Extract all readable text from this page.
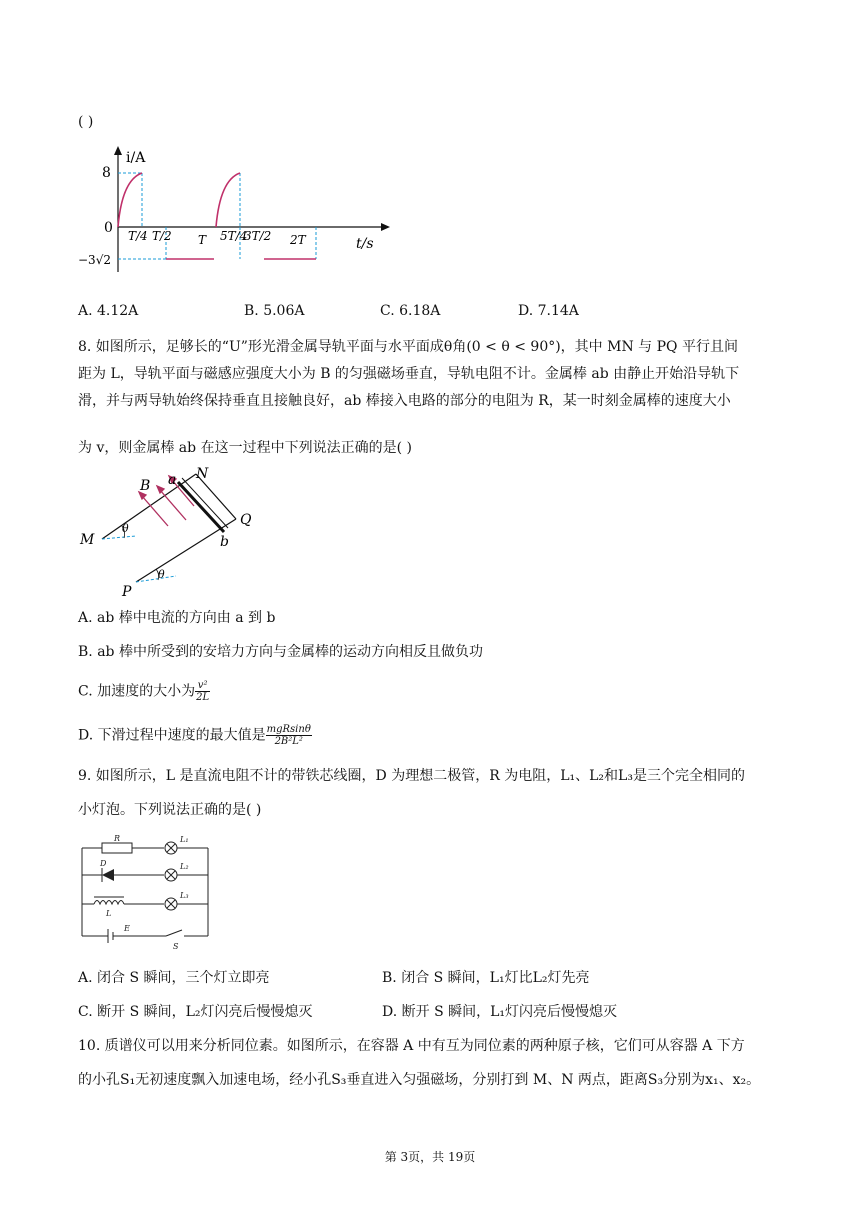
( )
i/A
t/s
8
0
−3√2
T/4 T/2 T 5T/4
3T/2 2T
A. 4.12A	B. 5.06A	C. 6.18A	D. 7.14A
8. 如图所示，足够长的“U”形光滑金属导轨平面与水平面成θ角(0 < θ < 90°)，其中 MN 与 PQ 平行且间
距为 L，导轨平面与磁感应强度大小为 B 的匀强磁场垂直，导轨电阻不计。金属棒 ab 由静止开始沿导轨下
滑，并与两导轨始终保持垂直且接触良好，ab 棒接入电路的部分的电阻为 R，某一时刻金属棒的速度大小
为 v，则金属棒 ab 在这一过程中下列说法正确的是( )
B a N
Q
b
M
θ
P
θ
A. ab 棒中电流的方向由 a 到 b
B. ab 棒中所受到的安培力方向与金属棒的运动方向相反且做负功
C. 加速度的大小为 $\frac{\text{v²}}{2L}$
D. 下滑过程中速度的最大值是 $\frac{\text{mgRsinθ}}{\text{2B²L²}}$
9. 如图所示，L 是直流电阻不计的带铁芯线圈，D 为理想二极管，R 为电阻，L₁、L₂和L₃是三个完全相同的
小灯泡。下列说法正确的是( )
R	L₁
D	L₂
L₃
L
E
S
A. 闭合 S 瞬间，三个灯立即亮	B. 闭合 S 瞬间，L₁灯比L₂灯先亮
C. 断开 S 瞬间，L₂灯闪亮后慢慢熄灭	D. 断开 S 瞬间，L₁灯闪亮后慢慢熄灭
10. 质谱仪可以用来分析同位素。如图所示，在容器 A 中有互为同位素的两种原子核，它们可从容器 A 下方
的小孔S₁无初速度飘入加速电场，经小孔S₃垂直进入匀强磁场，分别打到 M、N 两点，距离S₃分别为x₁、x₂。
第 3页，共 19页
